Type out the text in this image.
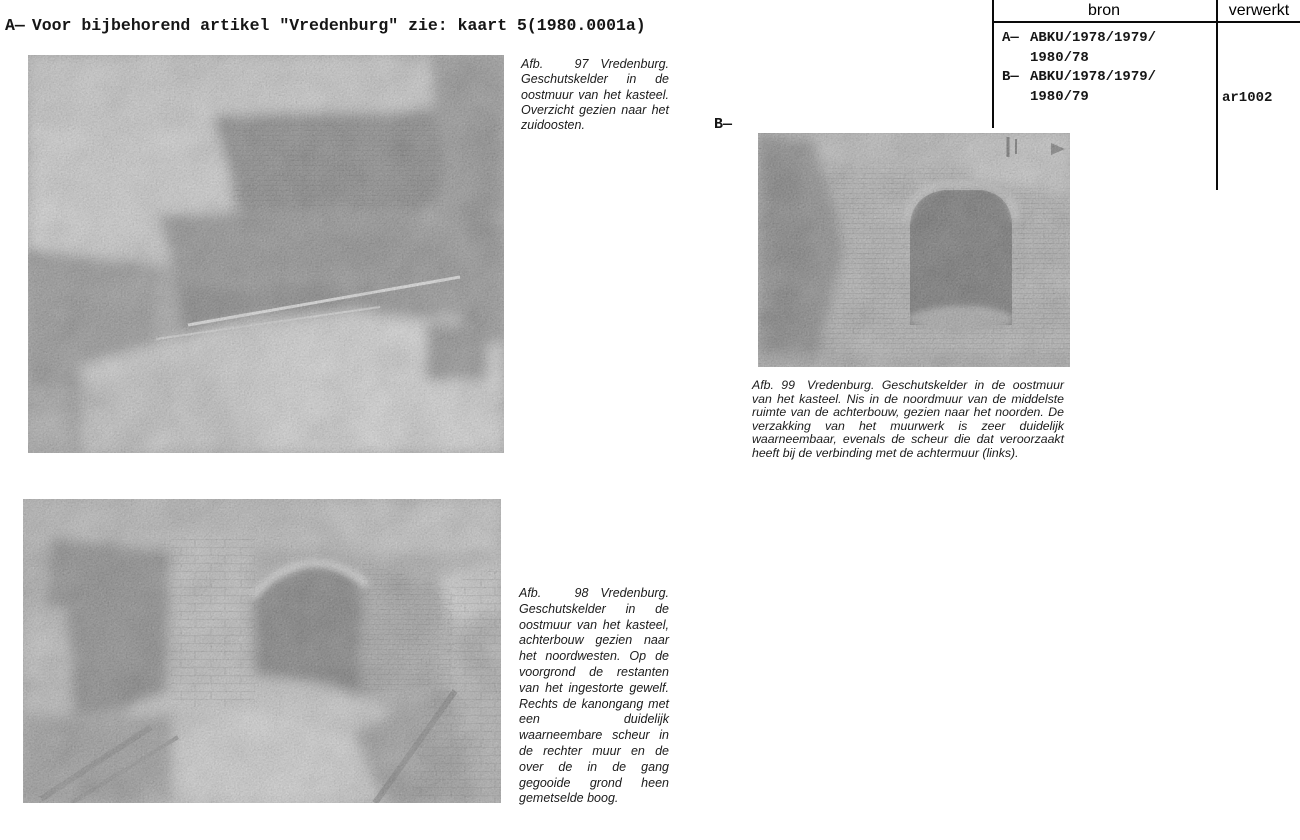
A— Voor bijbehorend artikel "Vredenburg" zie: kaart 5(1980.0001a)
bron	verwerkt
A— ABKU/1978/1979/
1980/78
B— ABKU/1978/1979/
1980/79	ar1002
Afb. 97 Vredenburg. Geschutskelder in de oostmuur van het kasteel. Overzicht gezien naar het zuidoosten.	B—
Afb. 99 Vredenburg. Geschutskelder in de oostmuur van het kasteel. Nis in de noordmuur van de middelste ruimte van de achterbouw, gezien naar het noorden. De verzakking van het muurwerk is zeer duidelijk waarneembaar, evenals de scheur die dat veroorzaakt heeft bij de verbinding met de achtermuur (links).
Afb. 98 Vredenburg. Geschutskelder in de oostmuur van het kasteel, achterbouw gezien naar het noordwesten. Op de voorgrond de restanten van het ingestorte gewelf. Rechts de kanongang met een duidelijk waarneembare scheur in de rechter muur en de over de in de gang gegooide grond heen gemetselde boog.
